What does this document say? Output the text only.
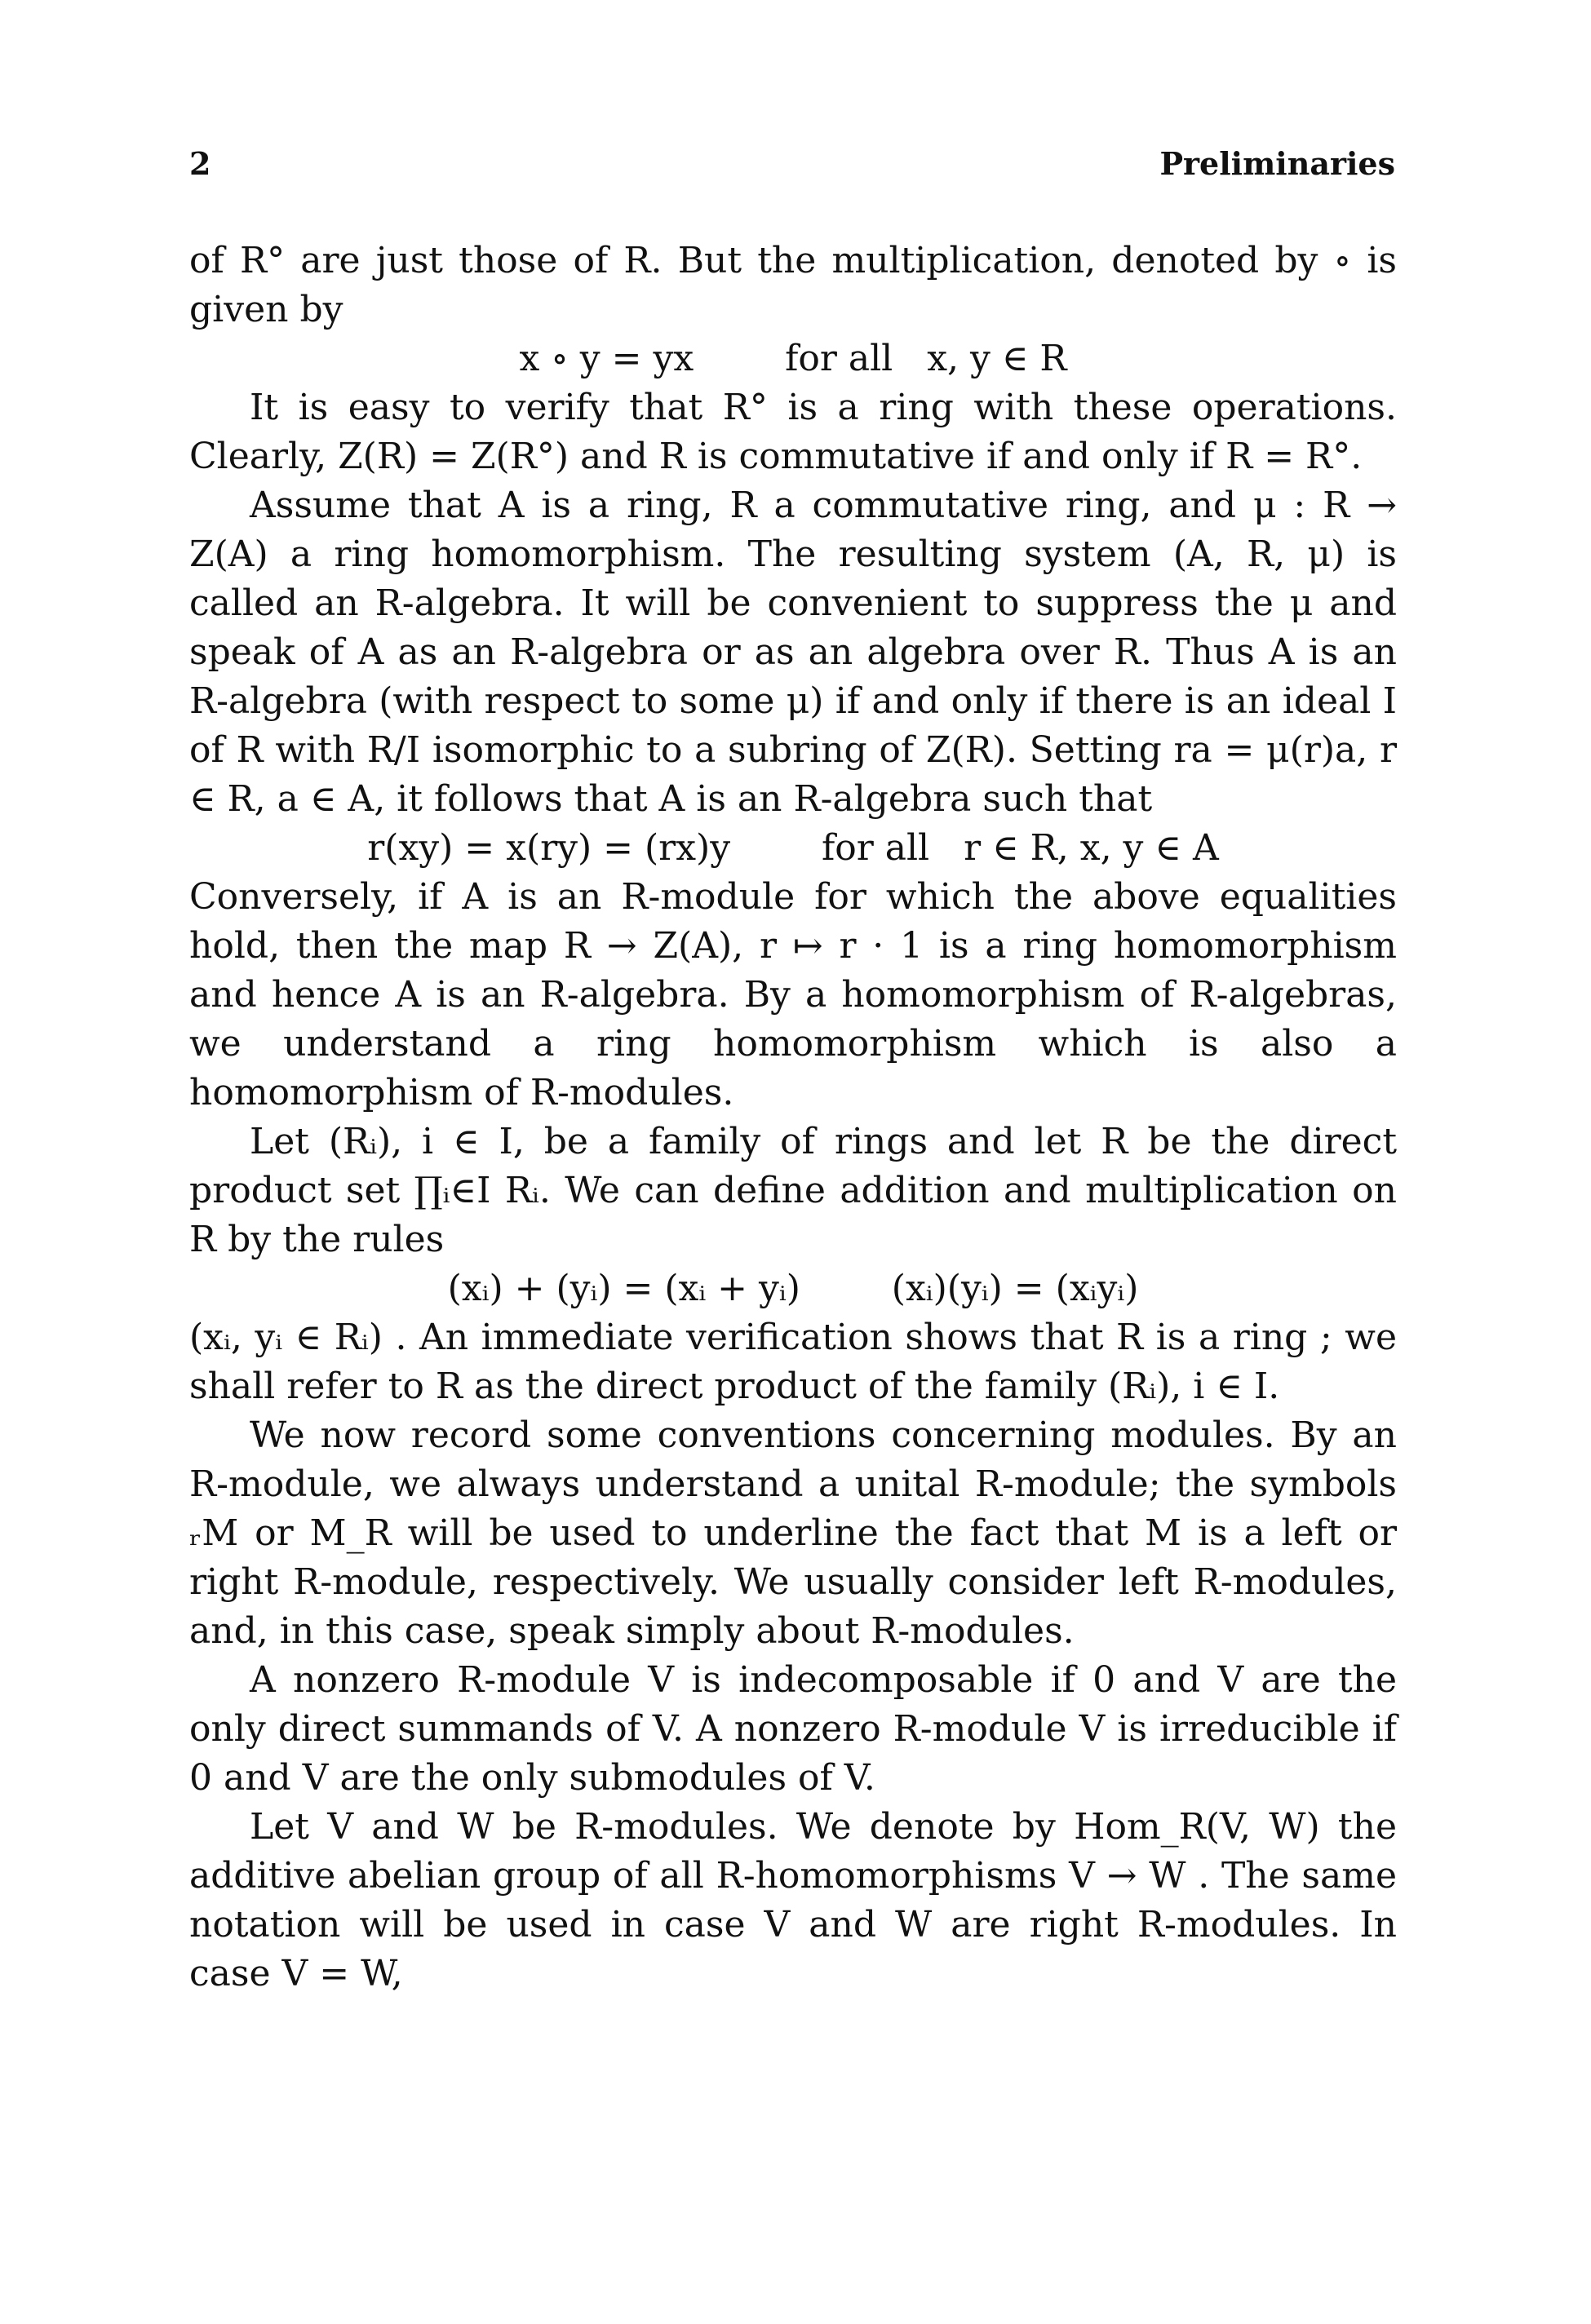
2	Preliminaries

of R° are just those of R. But the multiplication, denoted by ∘ is given by

x ∘ y = yx        for all   x, y ∈ R

It is easy to verify that R° is a ring with these operations. Clearly, Z(R) = Z(R°) and R is commutative if and only if R = R°.

Assume that A is a ring, R a commutative ring, and μ : R → Z(A) a ring homomorphism. The resulting system (A, R, μ) is called an R-algebra. It will be convenient to suppress the μ and speak of A as an R-algebra or as an algebra over R. Thus A is an R-algebra (with respect to some μ) if and only if there is an ideal I of R with R/I isomorphic to a subring of Z(R). Setting ra = μ(r)a, r ∈ R, a ∈ A, it follows that A is an R-algebra such that

r(xy) = x(ry) = (rx)y        for all   r ∈ R, x, y ∈ A

Conversely, if A is an R-module for which the above equalities hold, then the map R → Z(A), r ↦ r · 1 is a ring homomorphism and hence A is an R-algebra. By a homomorphism of R-algebras, we understand a ring homomorphism which is also a homomorphism of R-modules.

Let (Rᵢ), i ∈ I, be a family of rings and let R be the direct product set ∏ᵢ∈I Rᵢ. We can define addition and multiplication on R by the rules

(xᵢ) + (yᵢ) = (xᵢ + yᵢ)        (xᵢ)(yᵢ) = (xᵢyᵢ)

(xᵢ, yᵢ ∈ Rᵢ) . An immediate verification shows that R is a ring ; we shall refer to R as the direct product of the family (Rᵢ), i ∈ I.

We now record some conventions concerning modules. By an R-module, we always understand a unital R-module; the symbols ᵣM or M_R will be used to underline the fact that M is a left or right R-module, respectively. We usually consider left R-modules, and, in this case, speak simply about R-modules.

A nonzero R-module V is indecomposable if 0 and V are the only direct summands of V. A nonzero R-module V is irreducible if 0 and V are the only submodules of V.

Let V and W be R-modules. We denote by Hom_R(V, W) the additive abelian group of all R-homomorphisms V → W . The same notation will be used in case V and W are right R-modules. In case V = W,
